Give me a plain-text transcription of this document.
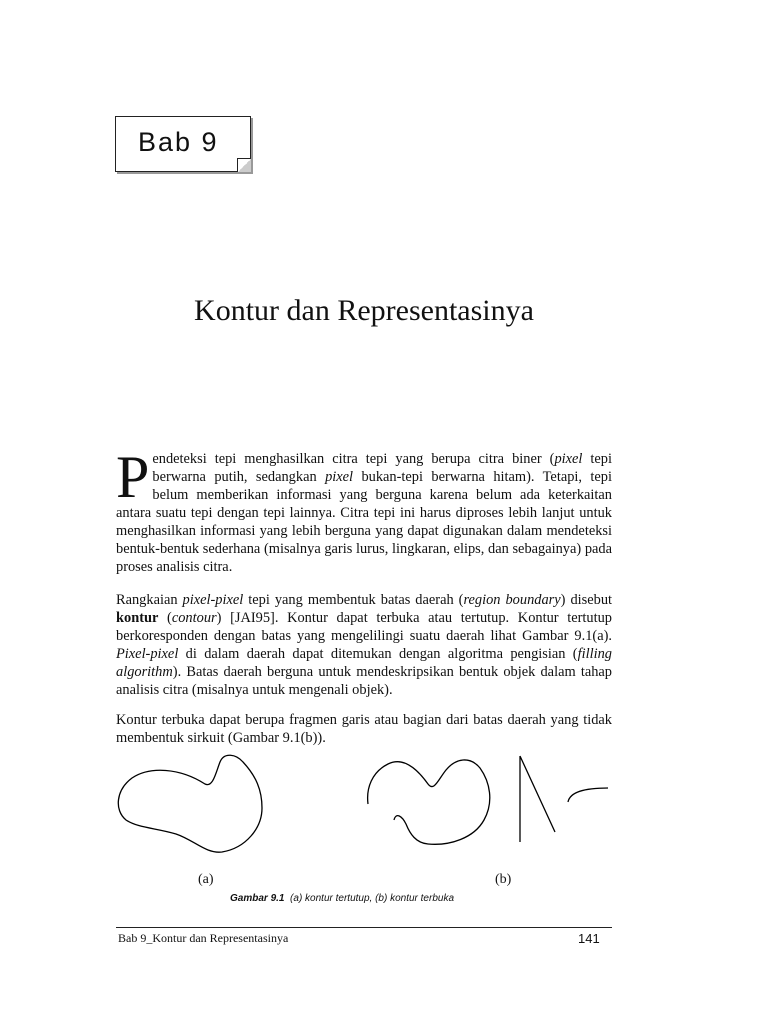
Bab 9
Kontur dan Representasinya
P endeteksi tepi menghasilkan citra tepi yang berupa citra biner (pixel tepi berwarna putih, sedangkan pixel bukan-tepi berwarna hitam). Tetapi, tepi belum memberikan informasi yang berguna karena belum ada keterkaitan antara suatu tepi dengan tepi lainnya. Citra tepi ini harus diproses lebih lanjut untuk menghasilkan informasi yang lebih berguna yang dapat digunakan dalam mendeteksi bentuk-bentuk sederhana (misalnya garis lurus, lingkaran, elips, dan sebagainya) pada proses analisis citra.
Rangkaian pixel-pixel tepi yang membentuk batas daerah (region boundary) disebut kontur (contour) [JAI95]. Kontur dapat terbuka atau tertutup. Kontur tertutup berkoresponden dengan batas yang mengelilingi suatu daerah lihat Gambar 9.1(a). Pixel-pixel di dalam daerah dapat ditemukan dengan algoritma pengisian (filling algorithm). Batas daerah berguna untuk mendeskripsikan bentuk objek dalam tahap analisis citra (misalnya untuk mengenali objek).
Kontur terbuka dapat berupa fragmen garis atau bagian dari batas daerah yang tidak membentuk sirkuit (Gambar 9.1(b)).
(a)	(b)
Gambar 9.1 (a) kontur tertutup, (b) kontur terbuka
Bab 9_Kontur dan Representasinya	141
